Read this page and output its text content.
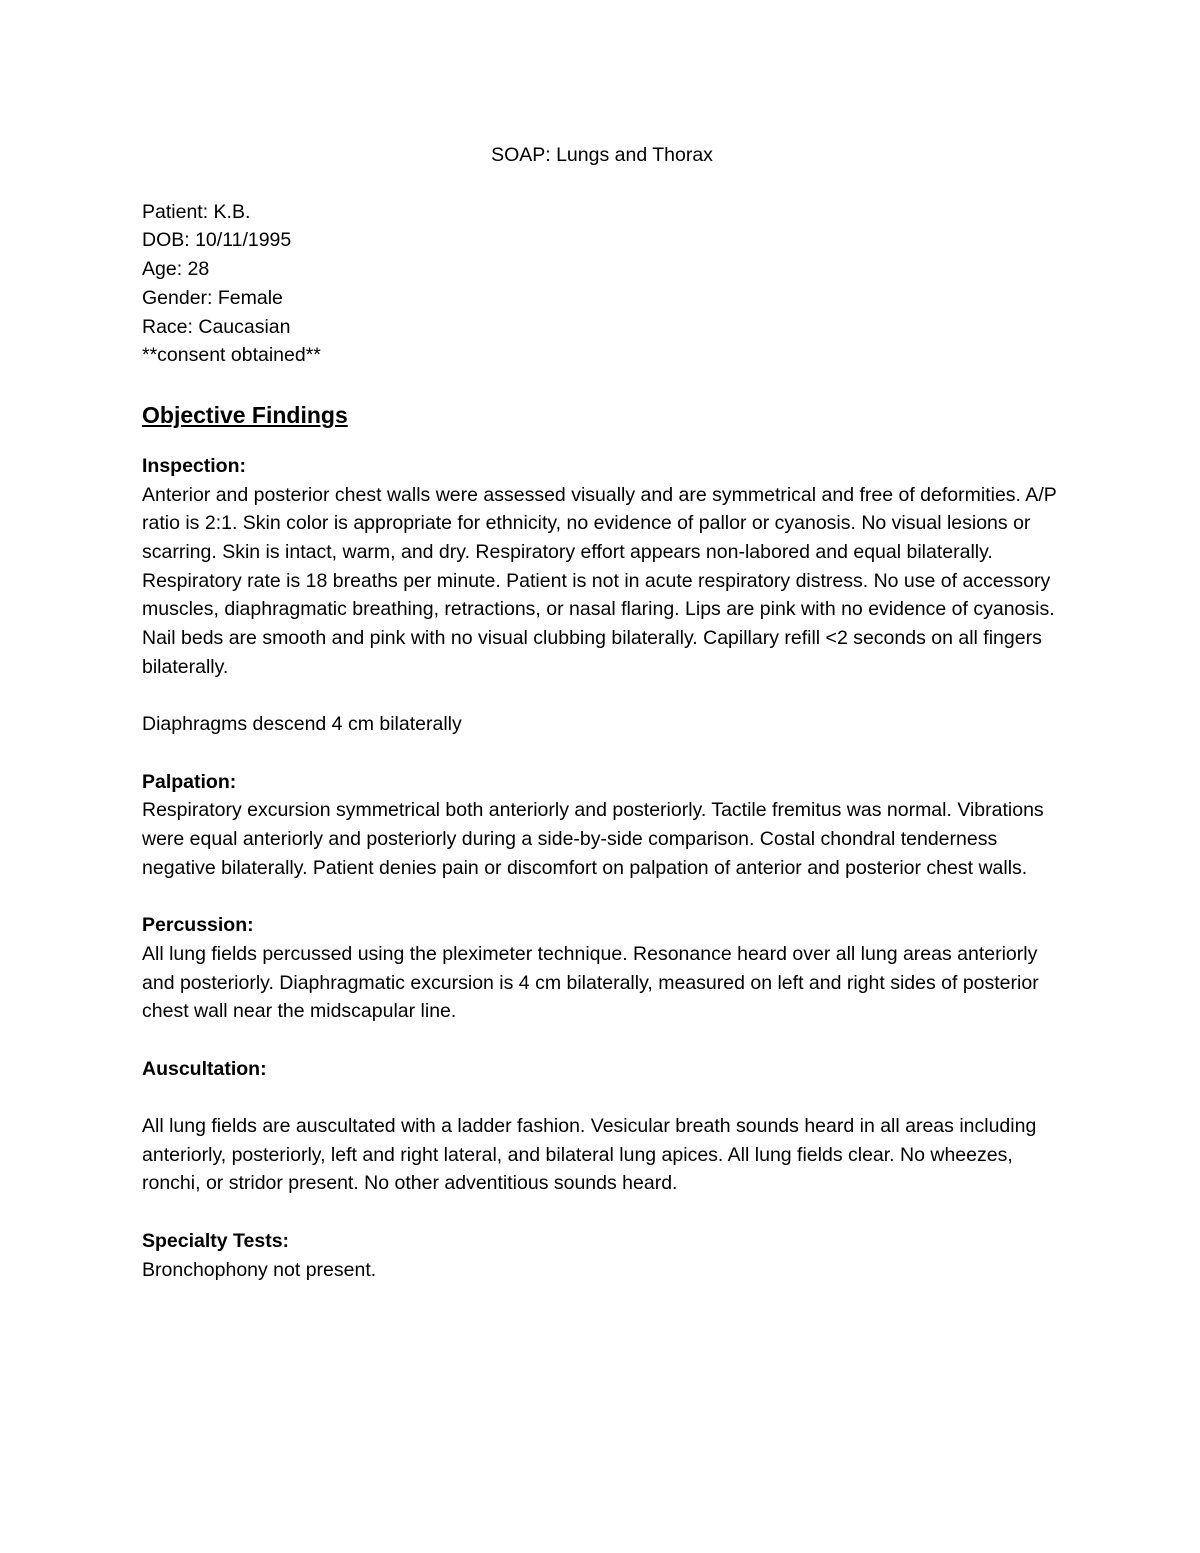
SOAP: Lungs and Thorax
Patient: K.B.
DOB: 10/11/1995
Age: 28
Gender: Female
Race: Caucasian
**consent obtained**
Objective Findings
Inspection:

Anterior and posterior chest walls were assessed visually and are symmetrical and free of deformities. A/P ratio is 2:1. Skin color is appropriate for ethnicity, no evidence of pallor or cyanosis. No visual lesions or scarring. Skin is intact, warm, and dry. Respiratory effort appears non-labored and equal bilaterally. Respiratory rate is 18 breaths per minute. Patient is not in acute respiratory distress. No use of accessory muscles, diaphragmatic breathing, retractions, or nasal flaring. Lips are pink with no evidence of cyanosis. Nail beds are smooth and pink with no visual clubbing bilaterally. Capillary refill <2 seconds on all fingers bilaterally.

Diaphragms descend 4 cm bilaterally

Palpation:

Respiratory excursion symmetrical both anteriorly and posteriorly. Tactile fremitus was normal. Vibrations were equal anteriorly and posteriorly during a side-by-side comparison. Costal chondral tenderness negative bilaterally. Patient denies pain or discomfort on palpation of anterior and posterior chest walls.

Percussion:

All lung fields percussed using the pleximeter technique. Resonance heard over all lung areas anteriorly and posteriorly. Diaphragmatic excursion is 4 cm bilaterally, measured on left and right sides of posterior chest wall near the midscapular line.

Auscultation:

All lung fields are auscultated with a ladder fashion. Vesicular breath sounds heard in all areas including anteriorly, posteriorly, left and right lateral, and bilateral lung apices. All lung fields clear. No wheezes, ronchi, or stridor present. No other adventitious sounds heard.

Specialty Tests:

Bronchophony not present.
